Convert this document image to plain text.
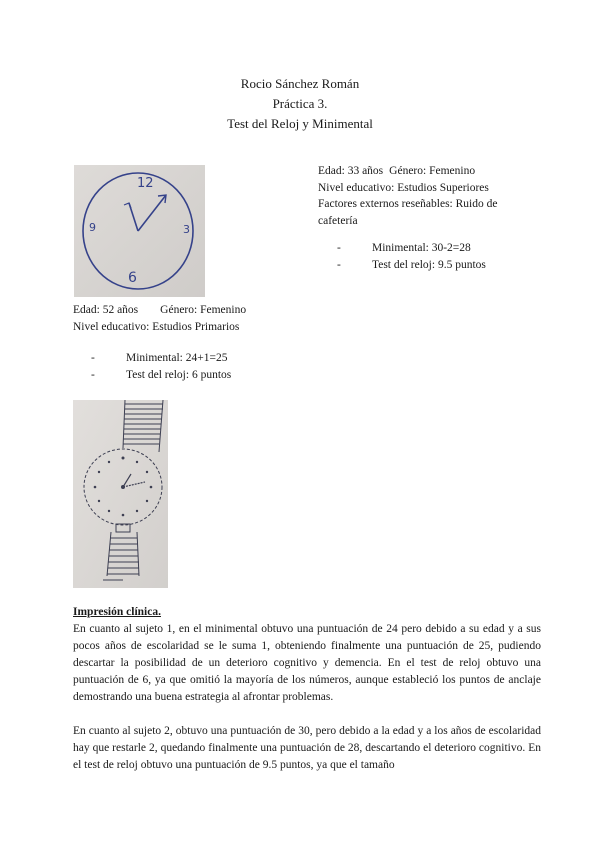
Rocio Sánchez Román
Práctica 3.
Test del Reloj y Minimental
12
3
6
9
Edad: 33 años Género: Femenino
Nivel educativo: Estudios Superiores
Factores externos reseñables: Ruido de cafetería
- Minimental: 30-2=28
- Test del reloj: 9.5 puntos
Edad: 52 años Género: Femenino
Nivel educativo: Estudios Primarios
- Minimental: 24+1=25
- Test del reloj: 6 puntos
Impresión clínica.

En cuanto al sujeto 1, en el minimental obtuvo una puntuación de 24 pero debido a su edad y a sus pocos años de escolaridad se le suma 1, obteniendo finalmente una puntuación de 25, pudiendo descartar la posibilidad de un deterioro cognitivo y demencia. En el test de reloj obtuvo una puntuación de 6, ya que omitió la mayoría de los números, aunque estableció los puntos de anclaje demostrando una buena estrategia al afrontar problemas.

En cuanto al sujeto 2, obtuvo una puntuación de 30, pero debido a la edad y a los años de escolaridad hay que restarle 2, quedando finalmente una puntuación de 28, descartando el deterioro cognitivo. En el test de reloj obtuvo una puntuación de 9.5 puntos, ya que el tamaño
